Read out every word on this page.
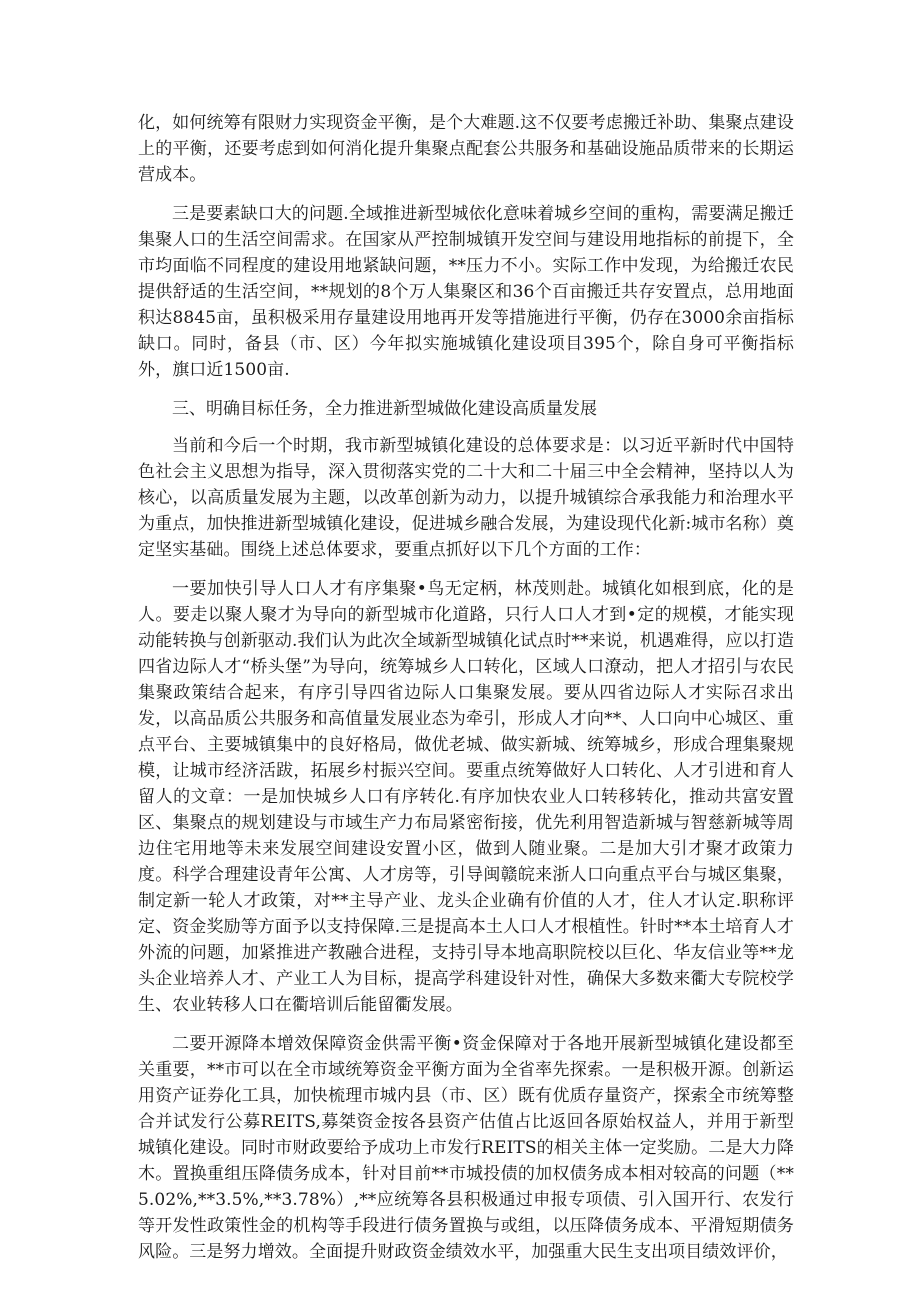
化，如何统筹有限财力实现资金平衡，是个大难题.这不仅要考虑搬迁补助、集聚点建设上的平衡，还要考虑到如何消化提升集聚点配套公共服务和基础设施品质带来的长期运营成本。

三是要素缺口大的问题.全域推进新型城依化意味着城乡空间的重构，需要满足搬迁集聚人口的生活空间需求。在国家从严控制城镇开发空间与建设用地指标的前提下，全市均面临不同程度的建设用地紧缺问题，**压力不小。实际工作中发现，为给搬迁农民提供舒适的生活空间，**规划的8个万人集聚区和36个百亩搬迁共存安置点，总用地面积达8845亩，虽积极采用存量建设用地再开发等措施进行平衡，仍存在3000余亩指标缺口。同时，备县（市、区）今年拟实施城镇化建设项目395个，除自身可平衡指标外，旗口近1500亩.

三、明确目标任务，全力推进新型城做化建设高质量发展

当前和今后一个时期，我市新型城镇化建设的总体要求是：以习近平新时代中国特色社会主义思想为指导，深入贯彻落实党的二十大和二十届三中全会精神，坚持以人为核心，以高质量发展为主题，以改革创新为动力，以提升城镇综合承我能力和治理水平为重点，加快推进新型城镇化建设，促进城乡融合发展，为建设现代化新:城市名称）奠定坚实基础。围绕上述总体要求，要重点抓好以下几个方面的工作：

一要加快引导人口人才有序集聚•鸟无定柄，林茂则赴。城镇化如根到底，化的是人。要走以聚人聚才为导向的新型城市化道路，只行人口人才到•定的规模，才能实现动能转换与创新驱动.我们认为此次全域新型城镇化试点时**来说，机遇难得，应以打造四省边际人才“桥头堡”为导向，统筹城乡人口转化，区域人口潦动，把人才招引与农民集聚政策结合起来，有序引导四省边际人口集聚发展。要从四省边际人才实际召求出发，以高品质公共服务和高值量发展业态为牵引，形成人才向**、人口向中心城区、重点平台、主要城镇集中的良好格局，做优老城、做实新城、统筹城乡，形成合理集聚规模，让城市经济活跋，拓展乡村振兴空间。要重点统筹做好人口转化、人才引进和育人留人的文章：一是加快城乡人口有序转化.有序加快农业人口转移转化，推动共富安置区、集聚点的规划建设与市域生产力布局紧密衔接，优先利用智造新城与智慈新城等周边住宅用地等未来发展空间建设安置小区，做到人随业聚。二是加大引才聚才政策力度。科学合理建设青年公寓、人才房等，引导闽赣皖来浙人口向重点平台与城区集聚，制定新一轮人才政策，对**主导产业、龙头企业确有价值的人才，住人才认定.职称评定、资金奖励等方面予以支持保障.三是提高本土人口人才根植性。针时**本土培育人才外流的问题，加紧推进产教融合进程，支持引导本地高职院校以巨化、华友信业等**龙头企业培养人才、产业工人为目标，提高学科建设针对性，确保大多数来衢大专院校学生、农业转移人口在衢培训后能留衢发展。

二要开源降本增效保障资金供需平衡•资金保障对于各地开展新型城镇化建设都至关重要，**市可以在全市域统筹资金平衡方面为全省率先探索。一是积极开源。创新运用资产证券化工具，加快梳理市城内县（市、区）既有优质存量资产，探索全市统筹整合并试发行公募REITS,募桀资金按各县资产估值占比返回各原始权益人，并用于新型城镇化建设。同时市财政要给予成功上市发行REITS的相关主体一定奖励。二是大力降木。置换重组压降债务成本，针对目前**市城投债的加权债务成本相对较高的问题（**5.02%,**3.5%,**3.78%）,**应统筹各县积极通过申报专项债、引入国开行、农发行等开发性政策性金的机构等手段进行债务置换与或组，以压降债务成本、平滑短期债务风险。三是努力增效。全面提升财政资金绩效水平，加强重大民生支出项目绩效评价，
